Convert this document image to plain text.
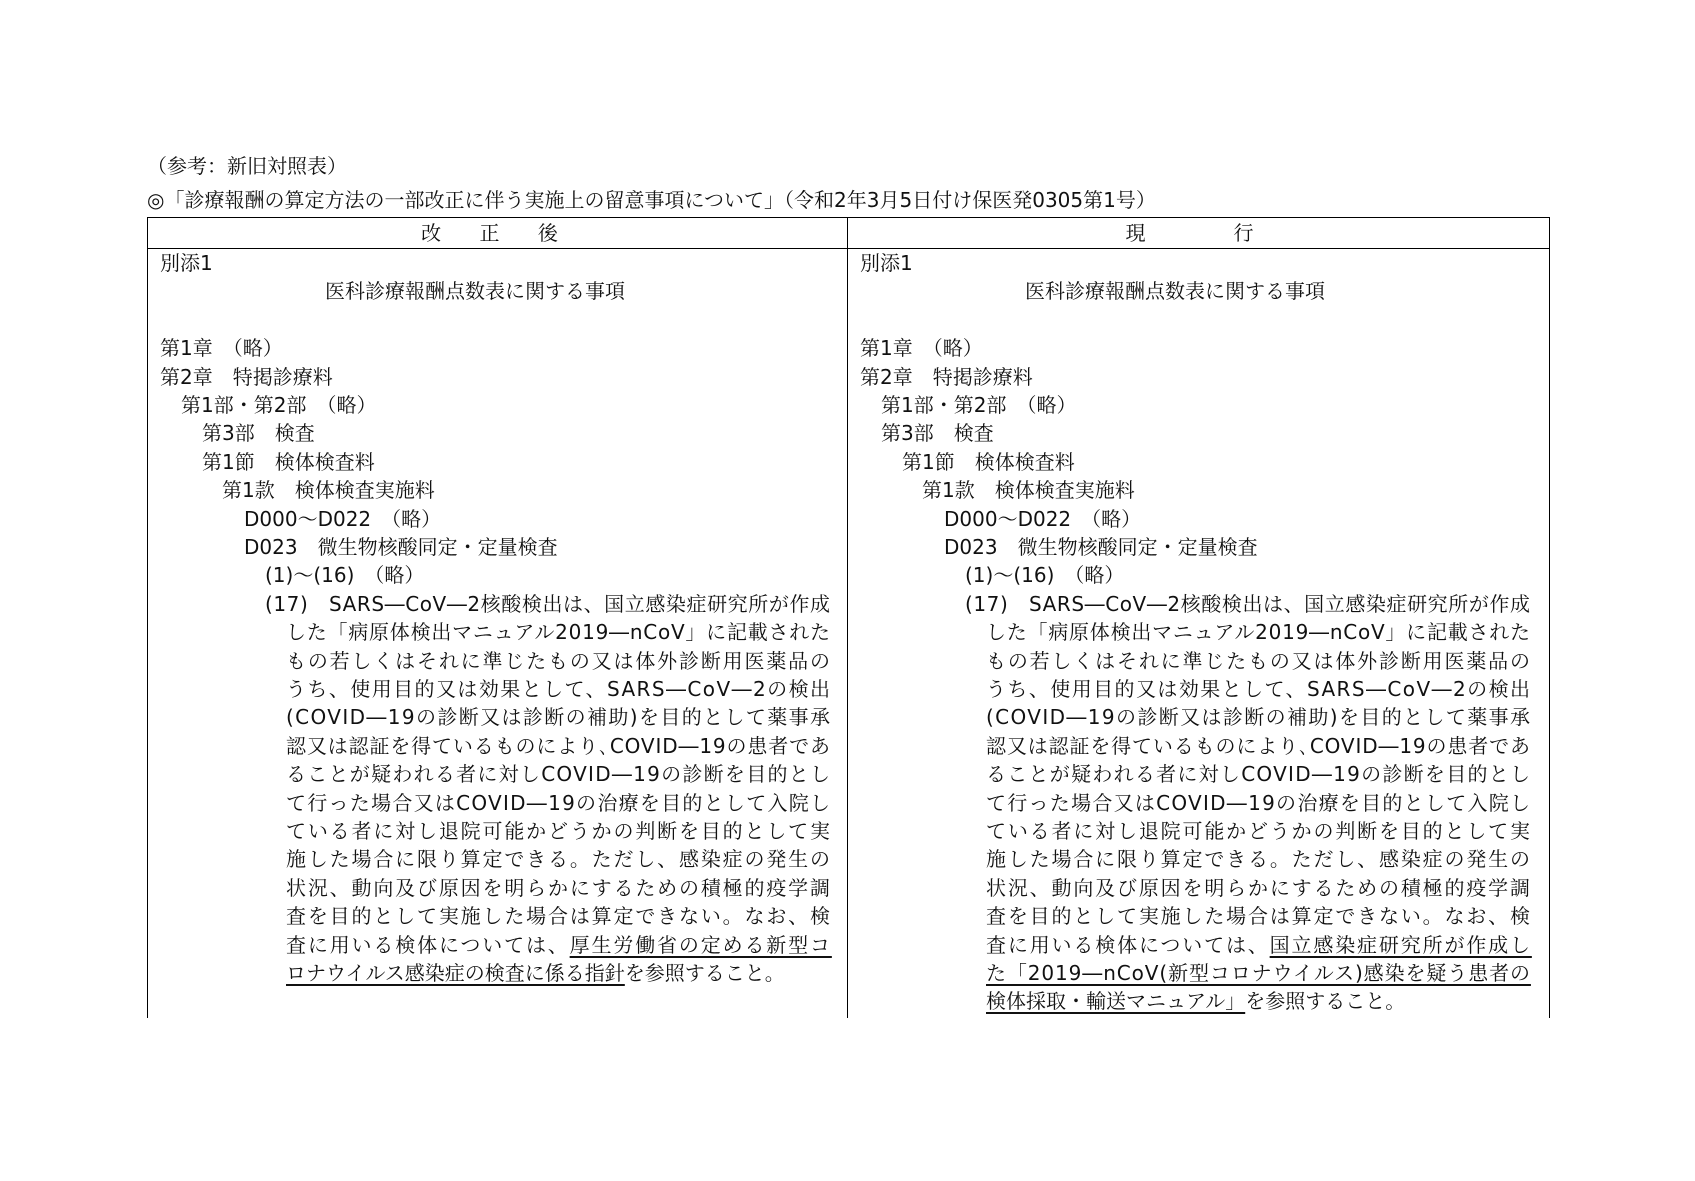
（参考：新旧対照表）
◎「診療報酬の算定方法の一部改正に伴う実施上の留意事項について」（令和2年3月5日付け保医発0305第1号）
改 正 後	現　　行
別添1
医科診療報酬点数表に関する事項
第1章　（略）
第2章　特掲診療料
第1部・第2部　（略）
第3部　検査
第1節　検体検査料
第1款　検体検査実施料
D000～D022　（略）
D023　微生物核酸同定・定量検査
(1)～(16)　（略）
(17)　SARS―CoV―2核酸検出は、国立感染症研究所が作成
した「病原体検出マニュアル2019―nCoV」に記載された
もの若しくはそれに準じたもの又は体外診断用医薬品の
うち、使用目的又は効果として、SARS―CoV―2の検出
(COVID―19の診断又は診断の補助)を目的として薬事承
認又は認証を得ているものにより､COVID―19の患者であ
ることが疑われる者に対しCOVID―19の診断を目的とし
て行った場合又はCOVID―19の治療を目的として入院し
ている者に対し退院可能かどうかの判断を目的として実
施した場合に限り算定できる。ただし、感染症の発生の
状況、動向及び原因を明らかにするための積極的疫学調
査を目的として実施した場合は算定できない。なお、検
査に用いる検体については、厚生労働省の定める新型コ
ロナウイルス感染症の検査に係る指針を参照すること。
別添1
医科診療報酬点数表に関する事項
第1章　（略）
第2章　特掲診療料
第1部・第2部　（略）
第3部　検査
第1節　検体検査料
第1款　検体検査実施料
D000～D022　（略）
D023　微生物核酸同定・定量検査
(1)～(16)　（略）
(17)　SARS―CoV―2核酸検出は、国立感染症研究所が作成
した「病原体検出マニュアル2019―nCoV」に記載された
もの若しくはそれに準じたもの又は体外診断用医薬品の
うち、使用目的又は効果として、SARS―CoV―2の検出
(COVID―19の診断又は診断の補助)を目的として薬事承
認又は認証を得ているものにより､COVID―19の患者であ
ることが疑われる者に対しCOVID―19の診断を目的とし
て行った場合又はCOVID―19の治療を目的として入院し
ている者に対し退院可能かどうかの判断を目的として実
施した場合に限り算定できる。ただし、感染症の発生の
状況、動向及び原因を明らかにするための積極的疫学調
査を目的として実施した場合は算定できない。なお、検
査に用いる検体については、国立感染症研究所が作成し
た「2019―nCoV(新型コロナウイルス)感染を疑う患者の
検体採取・輸送マニュアル」を参照すること。
